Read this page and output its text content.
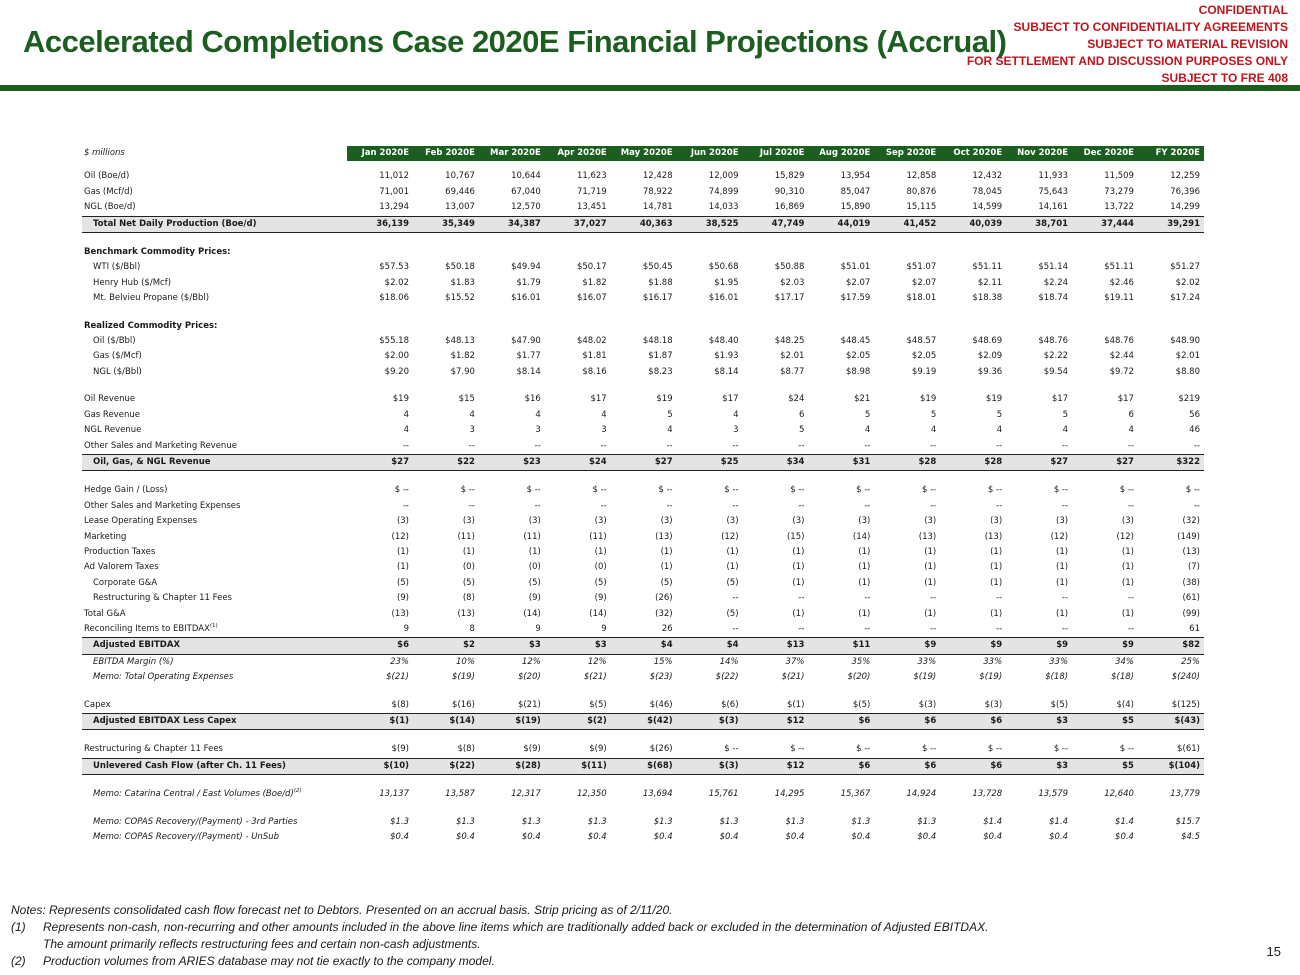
Accelerated Completions Case 2020E Financial Projections (Accrual)
CONFIDENTIAL
SUBJECT TO CONFIDENTIALITY AGREEMENTS
SUBJECT TO MATERIAL REVISION
FOR SETTLEMENT AND DISCUSSION PURPOSES ONLY
SUBJECT TO FRE 408
$ millions	Jan 2020E	Feb 2020E	Mar 2020E	Apr 2020E	May 2020E	Jun 2020E	Jul 2020E	Aug 2020E	Sep 2020E	Oct 2020E	Nov 2020E	Dec 2020E	FY 2020E

Oil (Boe/d)	11,012	10,767	10,644	11,623	12,428	12,009	15,829	13,954	12,858	12,432	11,933	11,509	12,259
Gas (Mcf/d)	71,001	69,446	67,040	71,719	78,922	74,899	90,310	85,047	80,876	78,045	75,643	73,279	76,396
NGL (Boe/d)	13,294	13,007	12,570	13,451	14,781	14,033	16,869	15,890	15,115	14,599	14,161	13,722	14,299
Total Net Daily Production (Boe/d)	36,139	35,349	34,387	37,027	40,363	38,525	47,749	44,019	41,452	40,039	38,701	37,444	39,291

Benchmark Commodity Prices:													
WTI ($/Bbl)	$57.53	$50.18	$49.94	$50.17	$50.45	$50.68	$50.88	$51.01	$51.07	$51.11	$51.14	$51.11	$51.27
Henry Hub ($/Mcf)	$2.02	$1.83	$1.79	$1.82	$1.88	$1.95	$2.03	$2.07	$2.07	$2.11	$2.24	$2.46	$2.02
Mt. Belvieu Propane ($/Bbl)	$18.06	$15.52	$16.01	$16.07	$16.17	$16.01	$17.17	$17.59	$18.01	$18.38	$18.74	$19.11	$17.24

Realized Commodity Prices:													
Oil ($/Bbl)	$55.18	$48.13	$47.90	$48.02	$48.18	$48.40	$48.25	$48.45	$48.57	$48.69	$48.76	$48.76	$48.90
Gas ($/Mcf)	$2.00	$1.82	$1.77	$1.81	$1.87	$1.93	$2.01	$2.05	$2.05	$2.09	$2.22	$2.44	$2.01
NGL ($/Bbl)	$9.20	$7.90	$8.14	$8.16	$8.23	$8.14	$8.77	$8.98	$9.19	$9.36	$9.54	$9.72	$8.80

Oil Revenue	$19	$15	$16	$17	$19	$17	$24	$21	$19	$19	$17	$17	$219
Gas Revenue	4	4	4	4	5	4	6	5	5	5	5	6	56
NGL Revenue	4	3	3	3	4	3	5	4	4	4	4	4	46
Other Sales and Marketing Revenue	--	--	--	--	--	--	--	--	--	--	--	--	--
Oil, Gas, & NGL Revenue	$27	$22	$23	$24	$27	$25	$34	$31	$28	$28	$27	$27	$322

Hedge Gain / (Loss)	$ --	$ --	$ --	$ --	$ --	$ --	$ --	$ --	$ --	$ --	$ --	$ --	$ --
Other Sales and Marketing Expenses	--	--	--	--	--	--	--	--	--	--	--	--	--
Lease Operating Expenses	(3)	(3)	(3)	(3)	(3)	(3)	(3)	(3)	(3)	(3)	(3)	(3)	(32)
Marketing	(12)	(11)	(11)	(11)	(13)	(12)	(15)	(14)	(13)	(13)	(12)	(12)	(149)
Production Taxes	(1)	(1)	(1)	(1)	(1)	(1)	(1)	(1)	(1)	(1)	(1)	(1)	(13)
Ad Valorem Taxes	(1)	(0)	(0)	(0)	(1)	(1)	(1)	(1)	(1)	(1)	(1)	(1)	(7)
Corporate G&A	(5)	(5)	(5)	(5)	(5)	(5)	(1)	(1)	(1)	(1)	(1)	(1)	(38)
Restructuring & Chapter 11 Fees	(9)	(8)	(9)	(9)	(26)	--	--	--	--	--	--	--	(61)
Total G&A	(13)	(13)	(14)	(14)	(32)	(5)	(1)	(1)	(1)	(1)	(1)	(1)	(99)
Reconciling Items to EBITDAX$^{(1)}$	9	8	9	9	26	--	--	--	--	--	--	--	61
Adjusted EBITDAX	$6	$2	$3	$3	$4	$4	$13	$11	$9	$9	$9	$9	$82
EBITDA Margin (%)	23%	10%	12%	12%	15%	14%	37%	35%	33%	33%	33%	34%	25%
Memo: Total Operating Expenses	$(21)	$(19)	$(20)	$(21)	$(23)	$(22)	$(21)	$(20)	$(19)	$(19)	$(18)	$(18)	$(240)

Capex	$(8)	$(16)	$(21)	$(5)	$(46)	$(6)	$(1)	$(5)	$(3)	$(3)	$(5)	$(4)	$(125)
Adjusted EBITDAX Less Capex	$(1)	$(14)	$(19)	$(2)	$(42)	$(3)	$12	$6	$6	$6	$3	$5	$(43)

Restructuring & Chapter 11 Fees	$(9)	$(8)	$(9)	$(9)	$(26)	$ --	$ --	$ --	$ --	$ --	$ --	$ --	$(61)
Unlevered Cash Flow (after Ch. 11 Fees)	$(10)	$(22)	$(28)	$(11)	$(68)	$(3)	$12	$6	$6	$6	$3	$5	$(104)

Memo: Catarina Central / East Volumes $(Boe/d)^{(2)}$	13,137	13,587	12,317	12,350	13,694	15,761	14,295	15,367	14,924	13,728	13,579	12,640	13,779

Memo: COPAS Recovery/(Payment) - 3rd Parties	$1.3	$1.3	$1.3	$1.3	$1.3	$1.3	$1.3	$1.3	$1.3	$1.4	$1.4	$1.4	$15.7
Memo: COPAS Recovery/(Payment) - UnSub	$0.4	$0.4	$0.4	$0.4	$0.4	$0.4	$0.4	$0.4	$0.4	$0.4	$0.4	$0.4	$4.5
Notes: Represents consolidated cash flow forecast net to Debtors. Presented on an accrual basis. Strip pricing as of 2/11/20.
(1)	Represents non-cash, non-recurring and other amounts included in the above line items which are traditionally added back or excluded in the determination of Adjusted EBITDAX. The amount primarily reflects restructuring fees and certain non-cash adjustments.
(2)	Production volumes from ARIES database may not tie exactly to the company model.
15
